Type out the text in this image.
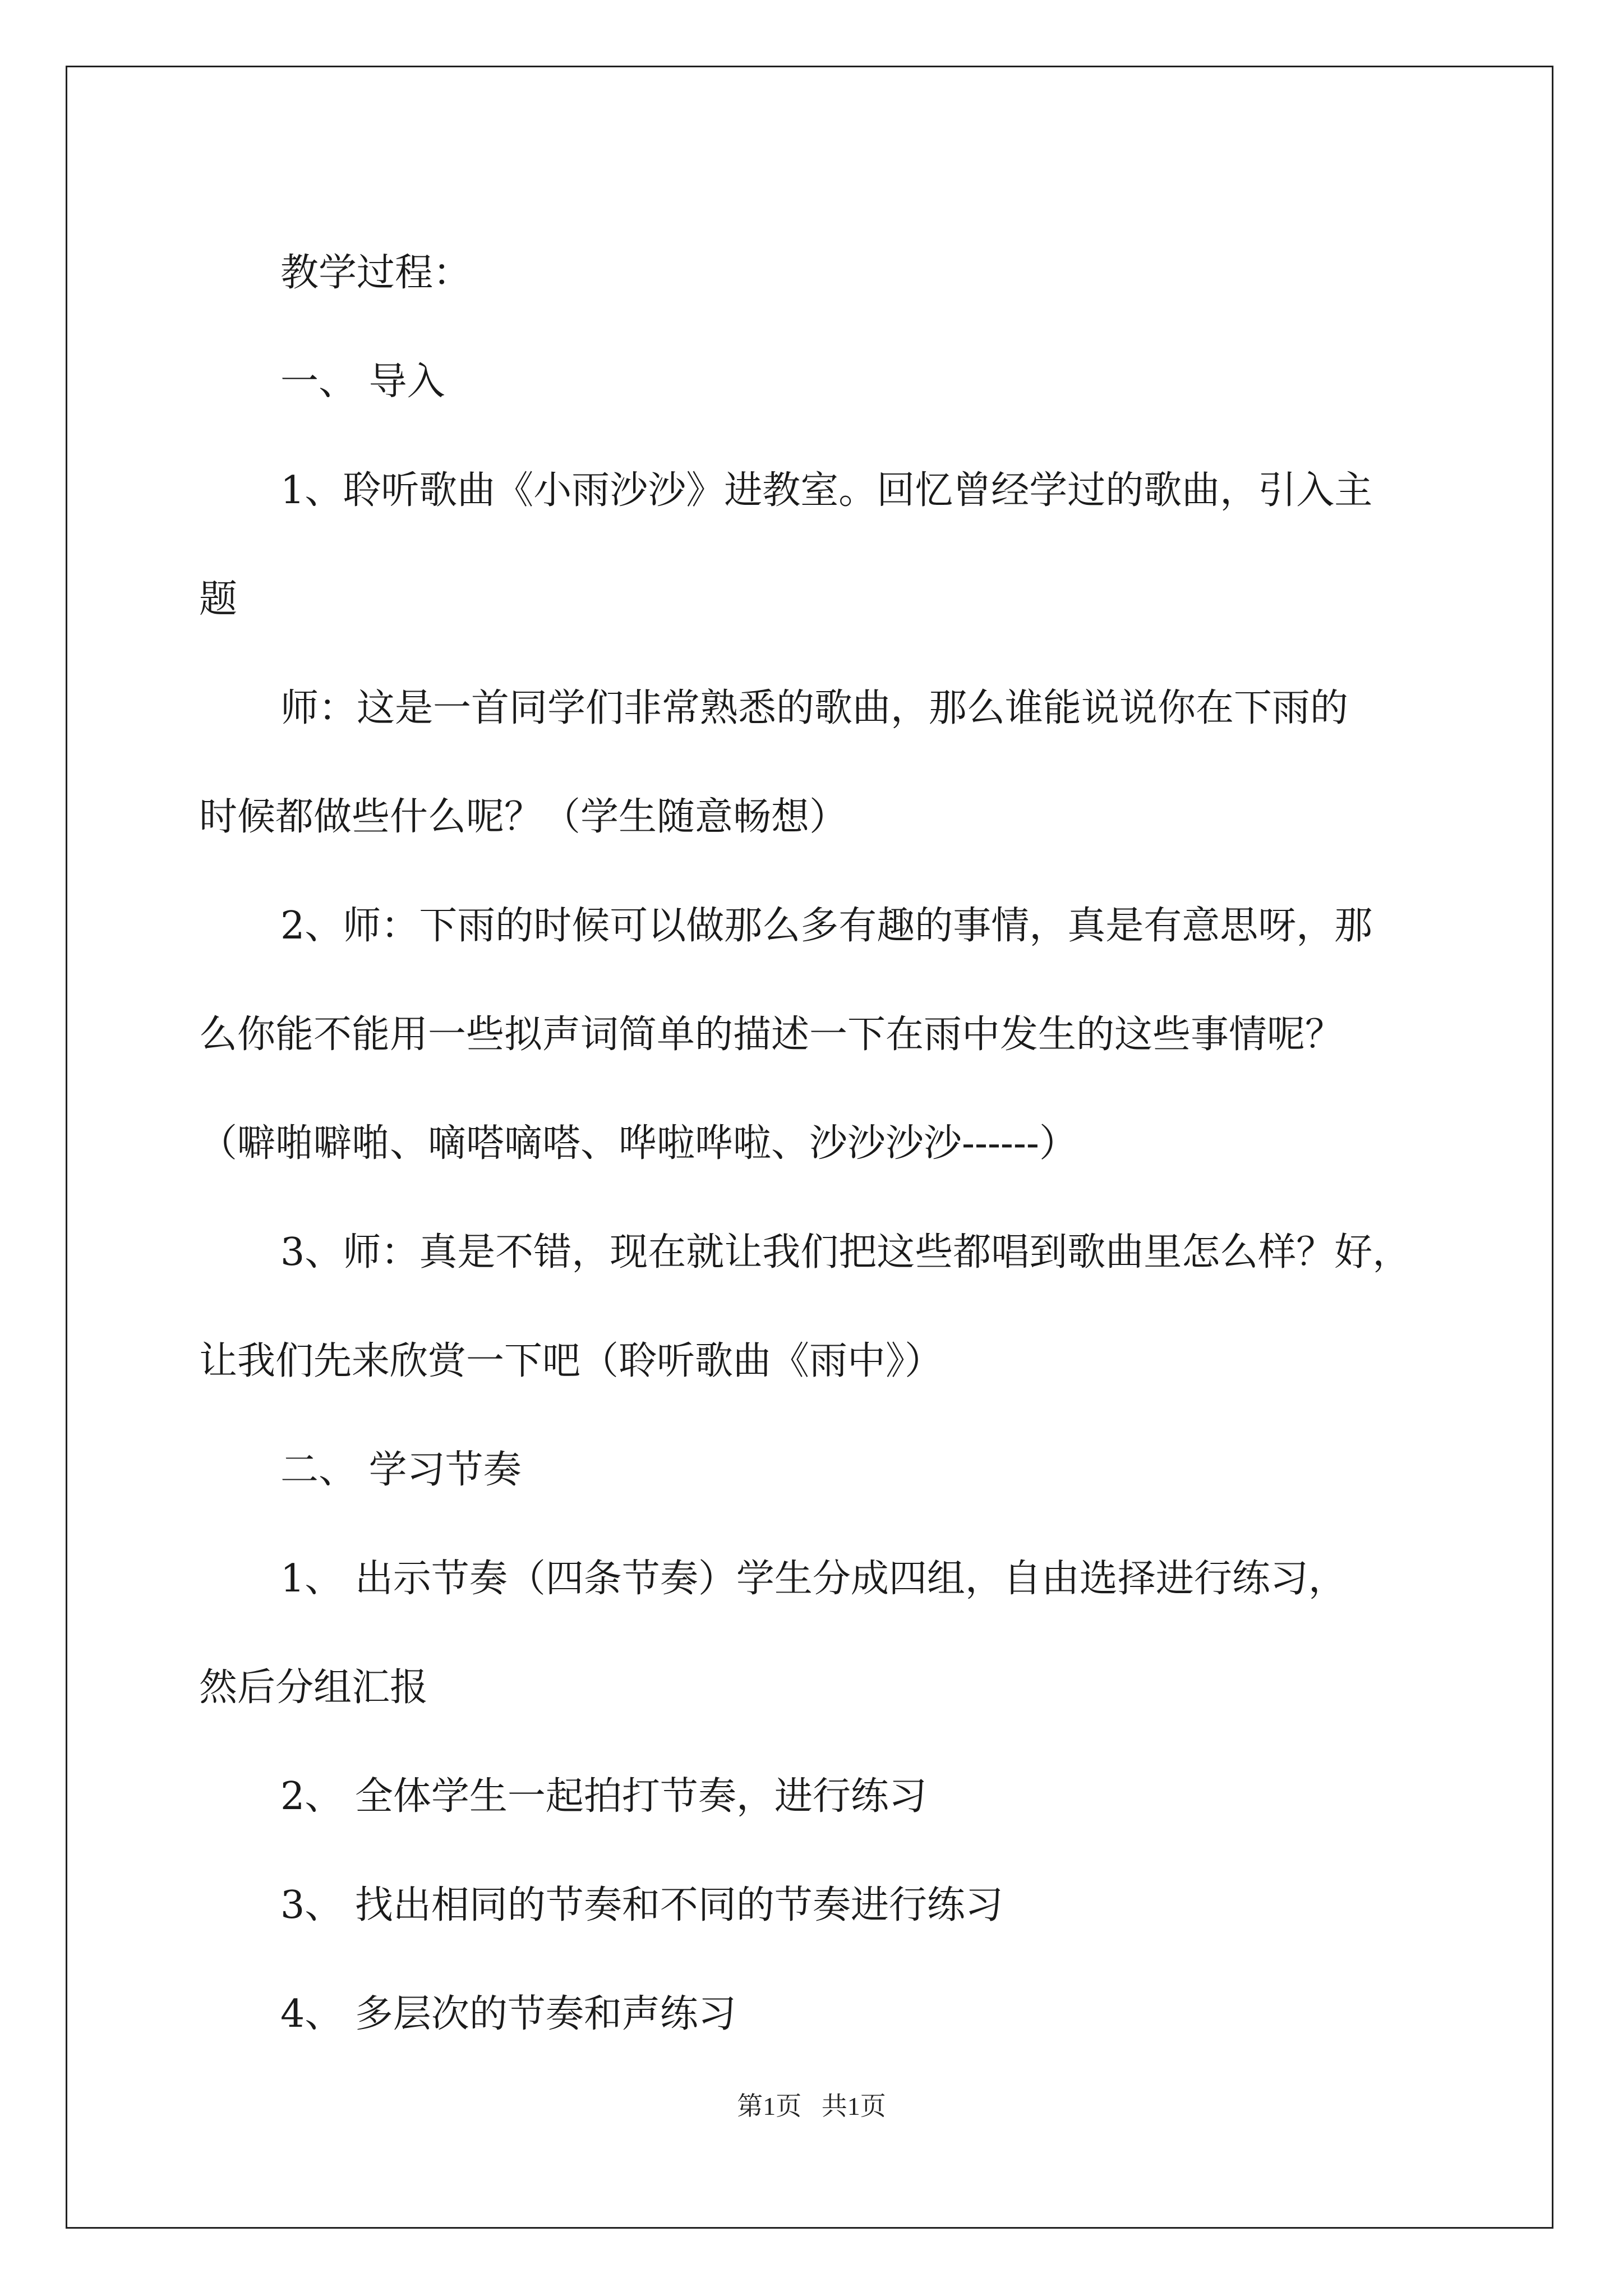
教学过程：

一、 导入

1、聆听歌曲《小雨沙沙》进教室。回忆曾经学过的歌曲，引入主

题

师：这是一首同学们非常熟悉的歌曲，那么谁能说说你在下雨的

时候都做些什么呢？（学生随意畅想）

2、师：下雨的时候可以做那么多有趣的事情，真是有意思呀，那

么你能不能用一些拟声词简单的描述一下在雨中发生的这些事情呢？

（噼啪噼啪、嘀嗒嘀嗒、哗啦哗啦、沙沙沙沙------）

3、师：真是不错，现在就让我们把这些都唱到歌曲里怎么样？好，

让我们先来欣赏一下吧（聆听歌曲《雨中》）

二、 学习节奏

1、 出示节奏（四条节奏）学生分成四组，自由选择进行练习，

然后分组汇报

2、 全体学生一起拍打节奏，进行练习

3、 找出相同的节奏和不同的节奏进行练习

4、 多层次的节奏和声练习

第1页 共1页
